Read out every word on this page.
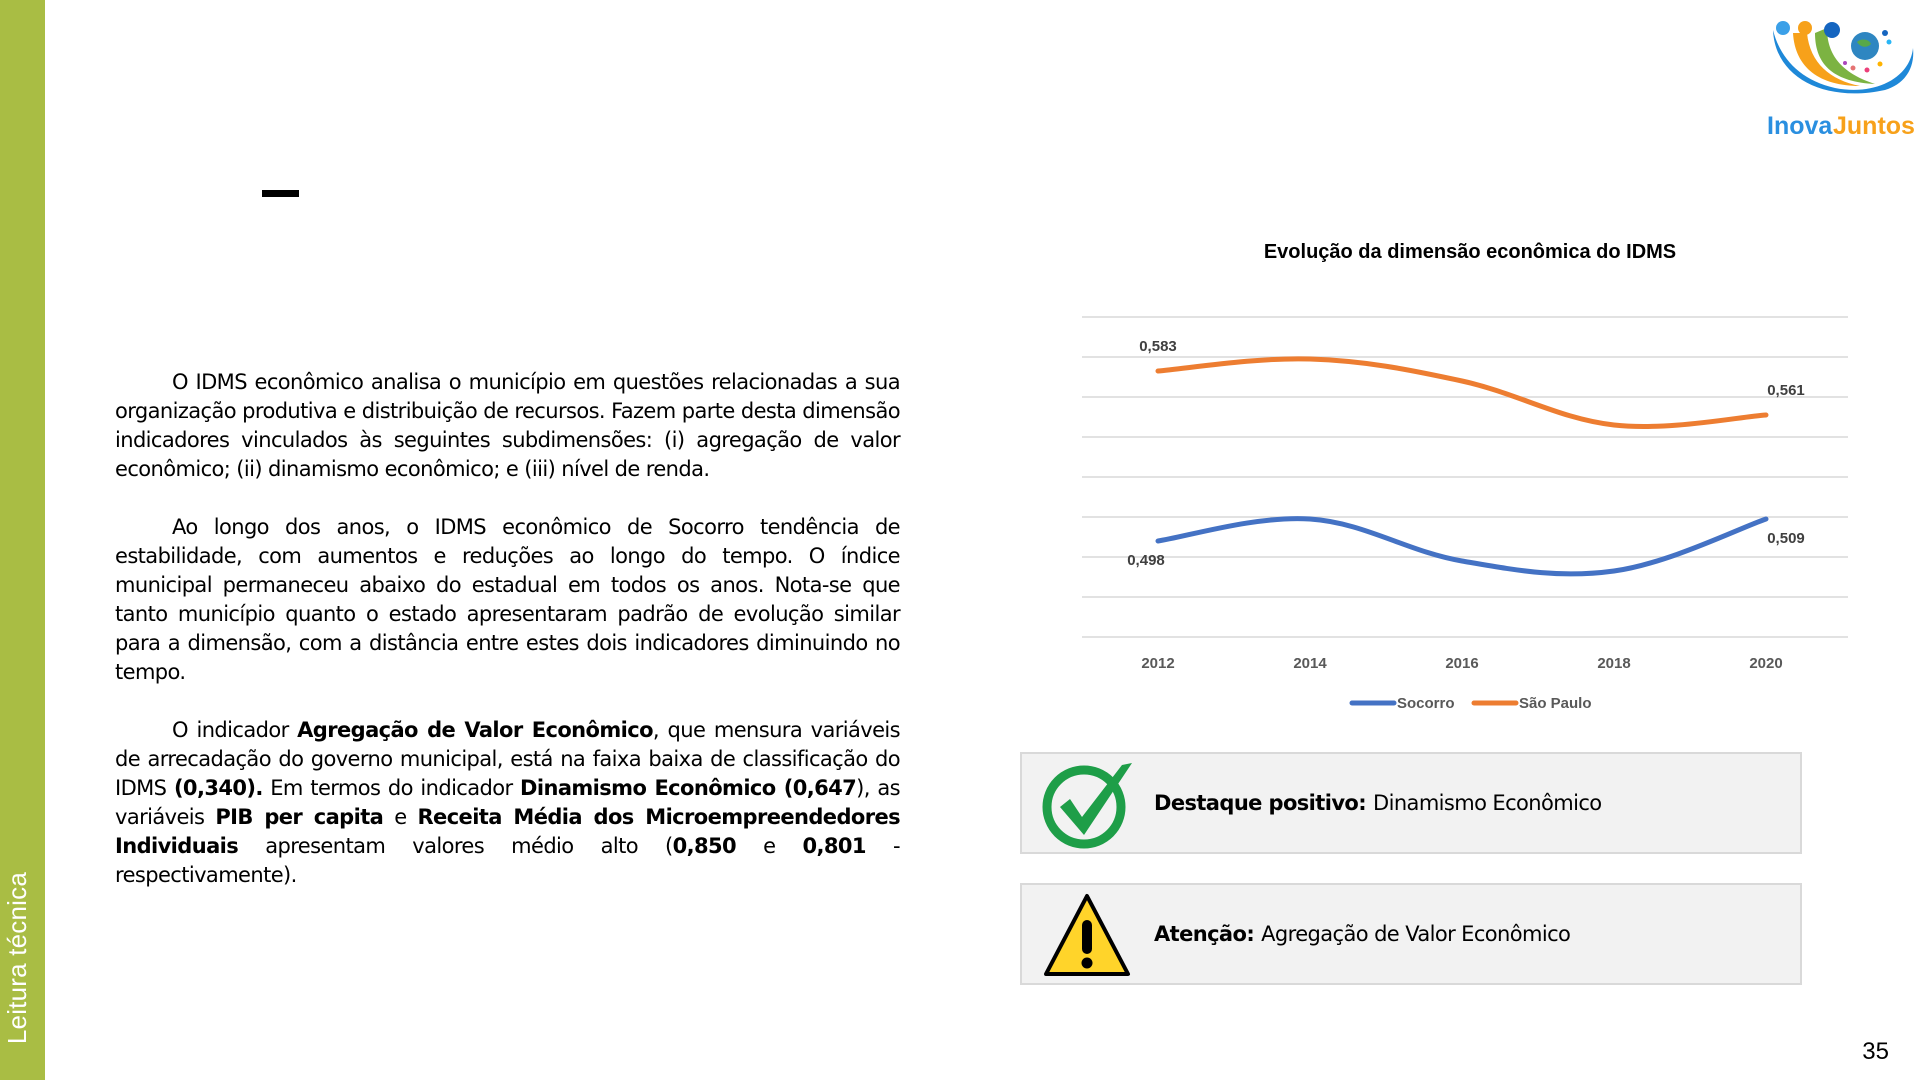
Leitura técnica
Inova Juntos

O IDMS econômico analisa o município em questões relacionadas a sua organização produtiva e distribuição de recursos. Fazem parte desta dimensão indicadores vinculados às seguintes subdimensões: (i) agregação de valor econômico; (ii) dinamismo econômico; e (iii) nível de renda.

Ao longo dos anos, o IDMS econômico de Socorro tendência de estabilidade, com aumentos e reduções ao longo do tempo. O índice municipal permaneceu abaixo do estadual em todos os anos. Nota-se que tanto município quanto o estado apresentaram padrão de evolução similar para a dimensão, com a distância entre estes dois indicadores diminuindo no tempo.

O indicador Agregação de Valor Econômico, que mensura variáveis de arrecadação do governo municipal, está na faixa baixa de classificação do IDMS (0,340). Em termos do indicador Dinamismo Econômico (0,647), as variáveis PIB per capita e Receita Média dos Microempreendedores Individuais apresentam valores médio alto (0,850 e 0,801 - respectivamente).

Evolução da dimensão econômica do IDMS
2012	2014	2016	2018	2020
0,498
0,509
0,583
0,561
Socorro	São Paulo
Destaque positivo: Dinamismo Econômico
Atenção: Agregação de Valor Econômico
35
